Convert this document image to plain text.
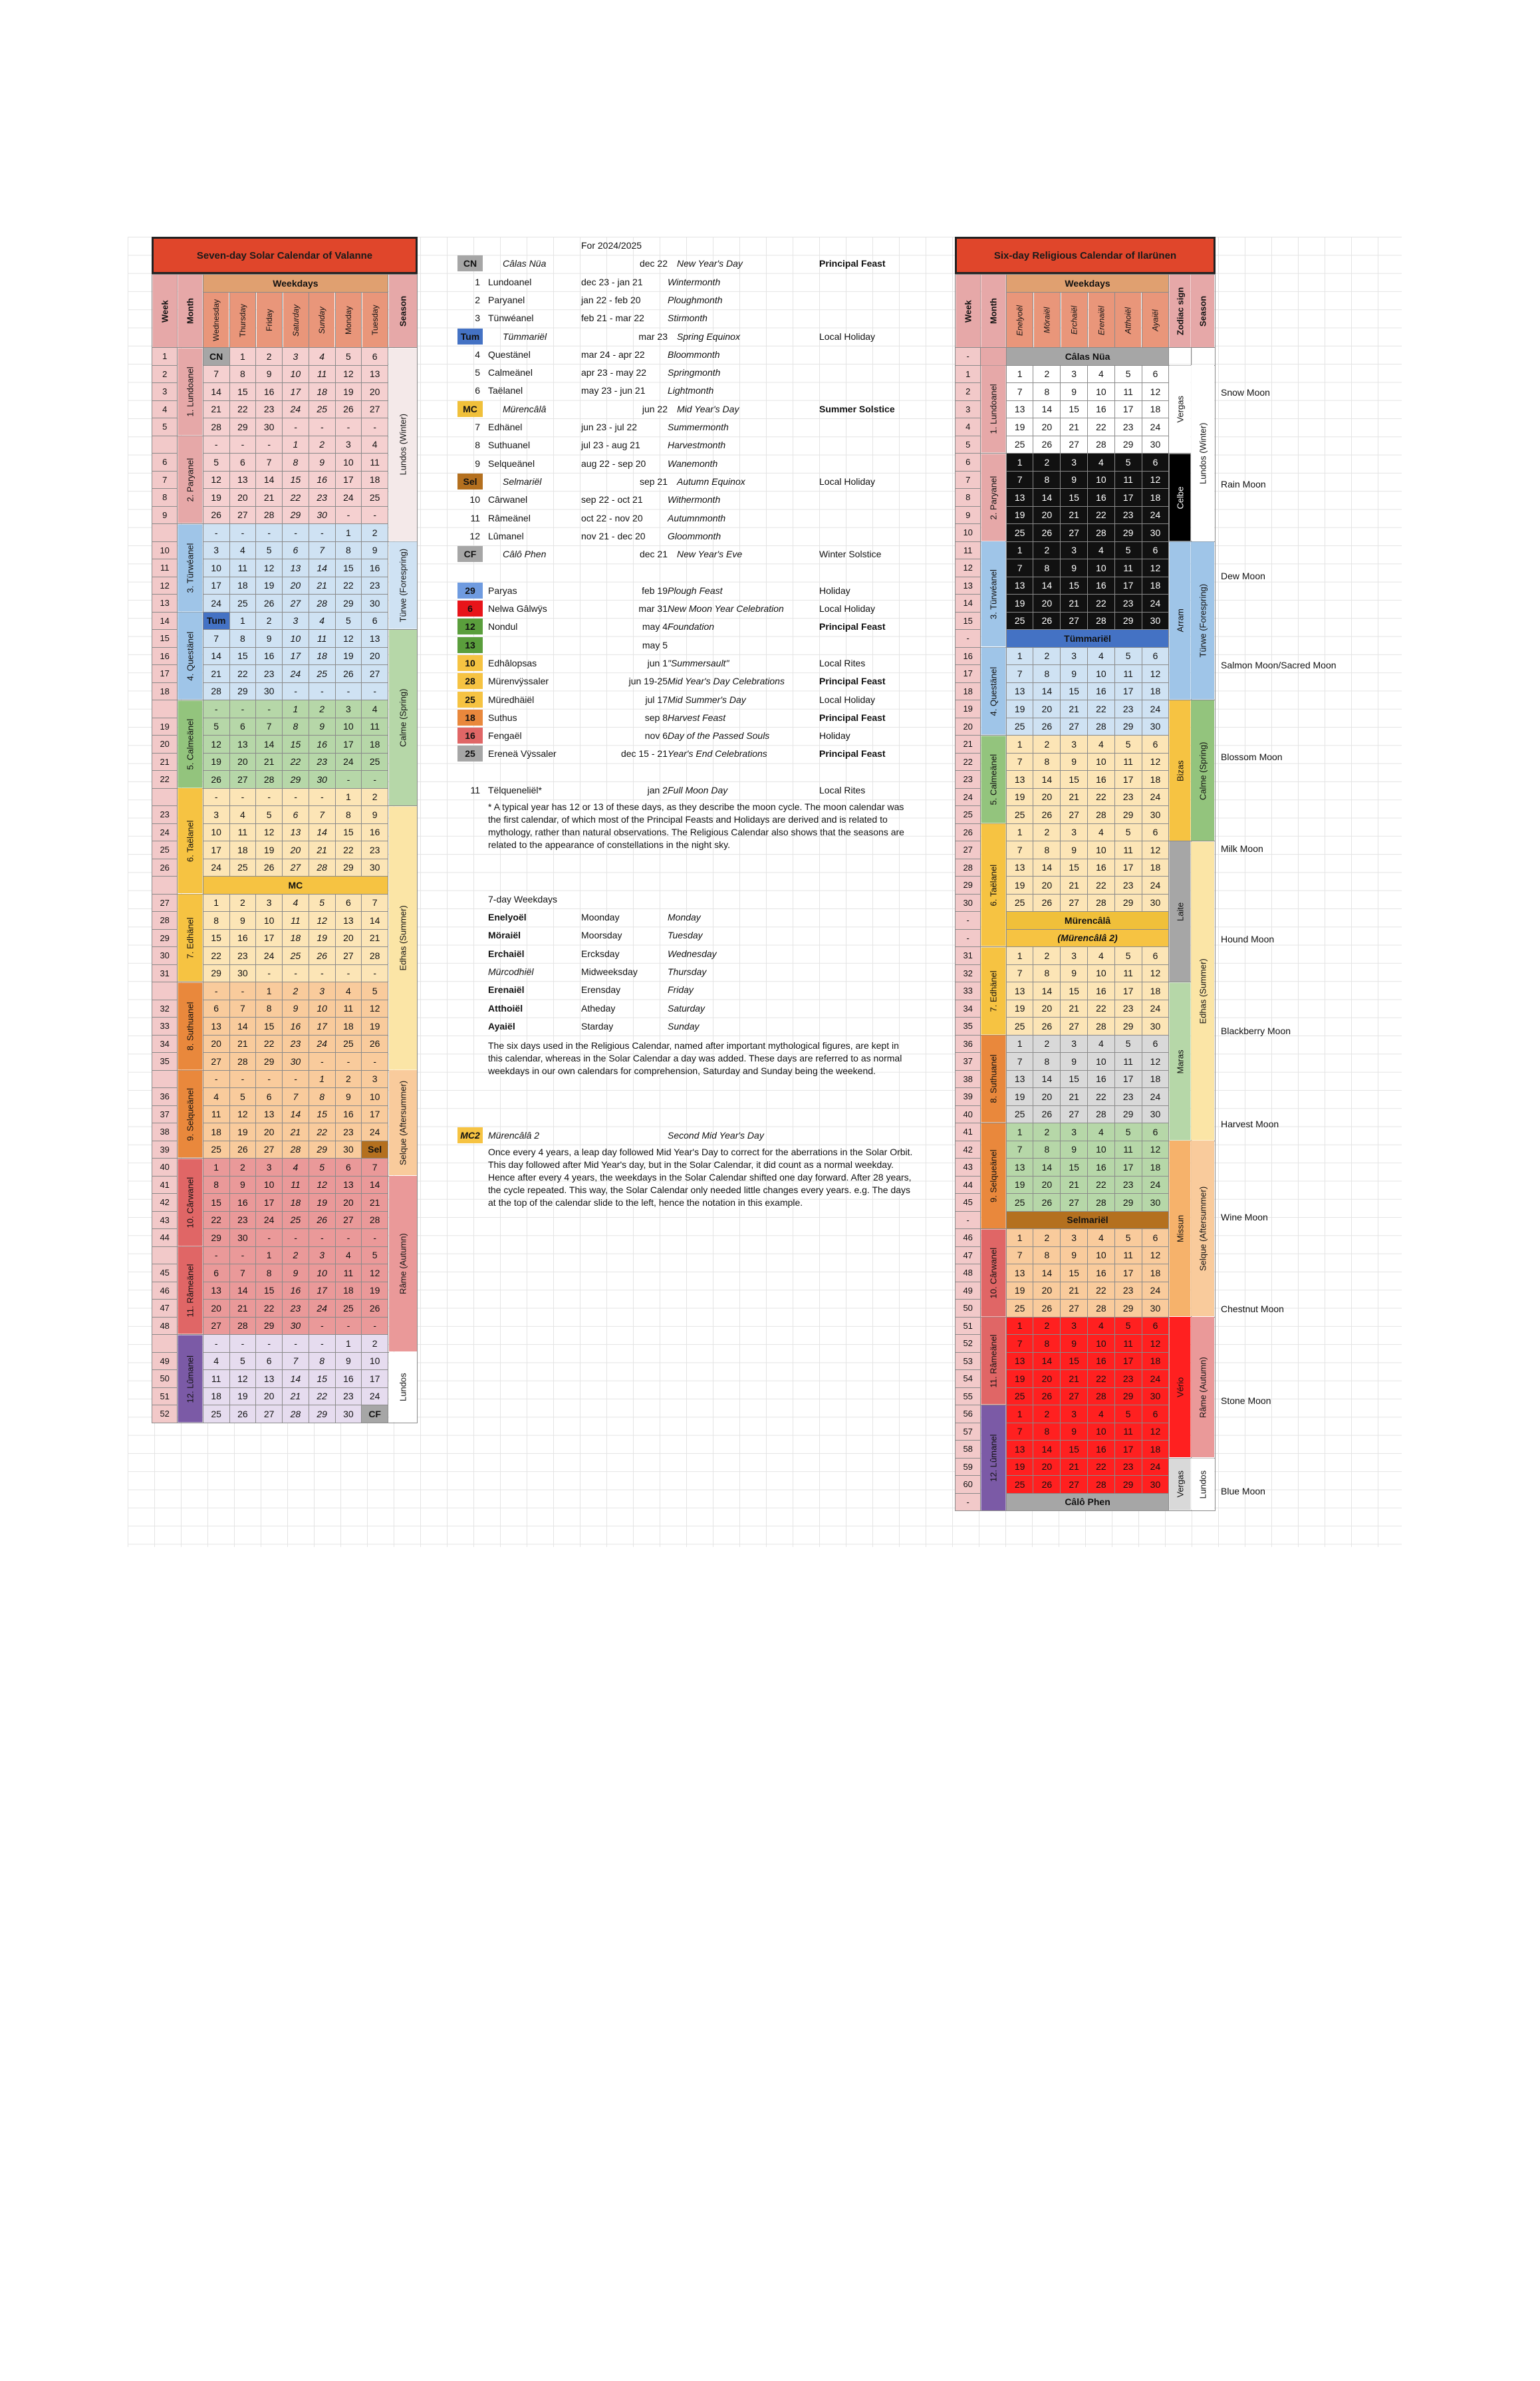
Seven-day Solar Calendar of Valanne
Week	Month	Weekdays							Season
		Wednesday	Thursday	Friday	Saturday	Sunday	Monday	Tuesday	
1	1. Lundoanel	CN	1	2	3	4	5	6	Lundos (Winter)
2		7	8	9	10	11	12	13	
3		14	15	16	17	18	19	20	
4		21	22	23	24	25	26	27	
5		28	29	30	-	-	-	-	
	2. Paryanel	-	-	-	1	2	3	4	
6		5	6	7	8	9	10	11	
7		12	13	14	15	16	17	18	
8		19	20	21	22	23	24	25	
9		26	27	28	29	30	-	-	
	3. Türwéanel	-	-	-	-	-	1	2	
10		3	4	5	6	7	8	9	Türwe (Forespring)
11		10	11	12	13	14	15	16	
12		17	18	19	20	21	22	23	
13		24	25	26	27	28	29	30	
14	4. Questänel	Tum	1	2	3	4	5	6	
15		7	8	9	10	11	12	13	Calme (Spring)
16		14	15	16	17	18	19	20	
17		21	22	23	24	25	26	27	
18		28	29	30	-	-	-	-	
	5. Calmeänel	-	-	-	1	2	3	4	
19		5	6	7	8	9	10	11	
20		12	13	14	15	16	17	18	
21		19	20	21	22	23	24	25	
22		26	27	28	29	30	-	-	
	6. Taëlanel	-	-	-	-	-	1	2	
23		3	4	5	6	7	8	9	Edhas (Summer)
24		10	11	12	13	14	15	16	
25		17	18	19	20	21	22	23	
26		24	25	26	27	28	29	30	
		MC							
27	7. Edhänel	1	2	3	4	5	6	7	
28		8	9	10	11	12	13	14	
29		15	16	17	18	19	20	21	
30		22	23	24	25	26	27	28	
31		29	30	-	-	-	-	-	
	8. Suthuanel	-	-	1	2	3	4	5	
32		6	7	8	9	10	11	12	
33		13	14	15	16	17	18	19	
34		20	21	22	23	24	25	26	
35		27	28	29	30	-	-	-	
	9. Selqueänel	-	-	-	-	1	2	3	Selque (Aftersummer)
36		4	5	6	7	8	9	10	
37		11	12	13	14	15	16	17	
38		18	19	20	21	22	23	24	
39		25	26	27	28	29	30	Sel	
40	10. Cârwanel	1	2	3	4	5	6	7	
41		8	9	10	11	12	13	14	Râme (Autumn)
42		15	16	17	18	19	20	21	
43		22	23	24	25	26	27	28	
44		29	30	-	-	-	-	-	
	11. Râmeänel	-	-	1	2	3	4	5	
45		6	7	8	9	10	11	12	
46		13	14	15	16	17	18	19	
47		20	21	22	23	24	25	26	
48		27	28	29	30	-	-	-	
	12. Lûmanel	-	-	-	-	-	1	2	
49		4	5	6	7	8	9	10	Lundos
50		11	12	13	14	15	16	17	
51		18	19	20	21	22	23	24	
52		25	26	27	28	29	30	CF	
For 2024/2025
CN	Câlas Nüa	dec 22 New Year's Day	Principal Feast
1 Lundoanel	dec 23 - jan 21	Wintermonth
2 Paryanel	jan 22 - feb 20	Ploughmonth
3 Tünwéanel	feb 21 - mar 22	Stirmonth
Tum	Tümmariël	mar 23 Spring Equinox	Local Holiday
4 Questänel	mar 24 - apr 22 Bloommonth
5 Calmeänel	apr 23 - may 22 Springmonth
6 Taëlanel	may 23 - jun 21 Lightmonth
MC	Mürencâlâ	jun 22 Mid Year's Day	Summer Solstice
7 Edhänel	jun 23 - jul 22	Summermonth
8 Suthuanel	jul 23 - aug 21	Harvestmonth
9 Selqueänel	aug 22 - sep 20 Wanemonth
Sel	Selmariël	sep 21 Autumn Equinox	Local Holiday
10 Cârwanel	sep 22 - oct 21	Withermonth
11 Râmeänel	oct 22 - nov 20	Autumnmonth
12 Lûmanel	nov 21 - dec 20 Gloommonth
CF	Câlô Phen	dec 21 New Year's Eve	Winter Solstice
29	Paryas	feb 19 Plough Feast	Holiday
6	Nelwa Gâlwÿs	mar 31 New Moon Year Celebration	Local Holiday
12	Nondul	may 4 Foundation	Principal Feast
13	may 5
10	Edhâlopsas	jun 1 "Summersault"	Local Rites
28	Mürenvÿssaler	jun 19-25 Mid Year's Day Celebrations	Principal Feast
25	Müredhäiël	jul 17 Mid Summer's Day	Local Holiday
18	Suthus	sep 8 Harvest Feast	Principal Feast
16	Fengaël	nov 6 Day of the Passed Souls	Holiday
25	Ereneä Vÿssaler	dec 15 - 21 Year's End Celebrations	Principal Feast
11 Tëlqueneliël*	jan 2 Full Moon Day	Local Rites
* A typical year has 12 or 13 of these days, as they describe the moon cycle. The moon calendar was the first calendar, of which most of the Principal Feasts and Holidays are derived and is related to mythology, rather than natural observations. The Religious Calendar also shows that the seasons are related to the appearance of constellations in the night sky.
7-day Weekdays
Enelyoël	Moonday	Monday
Möraiël	Moorsday	Tuesday
Erchaiël	Ercksday	Wednesday
Mürcodhiël	Midweeksday	Thursday
Erenaiël	Erensday	Friday
Atthoiël	Atheday	Saturday
Ayaiël	Starday	Sunday
The six days used in the Religious Calendar, named after important mythological figures, are kept in this calendar, whereas in the Solar Calendar a day was added. These days are referred to as normal weekdays in our own calendars for comprehension, Saturday and Sunday being the weekend.
MC2 Mürencâlâ 2	Second Mid Year's Day
Once every 4 years, a leap day followed Mid Year's Day to correct for the aberrations in the Solar Orbit. This day followed after Mid Year's day, but in the Solar Calendar, it did count as a normal weekday. Hence after every 4 years, the weekdays in the Solar Calendar shifted one day forward. After 28 years, the cycle repeated. This way, the Solar Calendar only needed little changes every years. e.g. The days at the top of the calendar slide to the left, hence the notation in this example.
Six-day Religious Calendar of Ilarünen
Week	Month	Weekdays						Zodiac sign	Season
		Enelyoël	Möraiël	Erchaiël	Erenaiël	Atthoiël	Ayaiël		
-		Câlas Nüa							
1	1. Lundoanel	1	2	3	4	5	6	Vergas	Lundos (Winter)
2		7	8	9	10	11	12		
3		13	14	15	16	17	18		
4		19	20	21	22	23	24		
5		25	26	27	28	29	30		
6	2. Paryanel	1	2	3	4	5	6	Celbe	
7		7	8	9	10	11	12		
8		13	14	15	16	17	18		
9		19	20	21	22	23	24		
10		25	26	27	28	29	30		
11	3. Türwéanel	1	2	3	4	5	6	Arram	Türwe (Forespring)
12		7	8	9	10	11	12		
13		13	14	15	16	17	18		
14		19	20	21	22	23	24		
15		25	26	27	28	29	30		
-		Tümmariël							
16	4. Questänel	1	2	3	4	5	6		
17		7	8	9	10	11	12		
18		13	14	15	16	17	18		
19		19	20	21	22	23	24	Bizas	Calme (Spring)
20		25	26	27	28	29	30		
21	5. Calmeänel	1	2	3	4	5	6		
22		7	8	9	10	11	12		
23		13	14	15	16	17	18		
24		19	20	21	22	23	24		
25		25	26	27	28	29	30		
26	6. Taëlanel	1	2	3	4	5	6		
27		7	8	9	10	11	12	Laite	Edhas (Summer)
28		13	14	15	16	17	18		
29		19	20	21	22	23	24		
30		25	26	27	28	29	30		
-		Mürencâlâ							
-		(Mürencâlâ 2)							
31	7. Edhänel	1	2	3	4	5	6		
32		7	8	9	10	11	12		
33		13	14	15	16	17	18	Maras	
34		19	20	21	22	23	24		
35		25	26	27	28	29	30		
36	8. Suthuanel	1	2	3	4	5	6		
37		7	8	9	10	11	12		
38		13	14	15	16	17	18		
39		19	20	21	22	23	24		
40		25	26	27	28	29	30		
41	9. Selqueänel	1	2	3	4	5	6		
42		7	8	9	10	11	12	Missun	Selque (Aftersummer)
43		13	14	15	16	17	18		
44		19	20	21	22	23	24		
45		25	26	27	28	29	30		
-		Selmariël							
46	10. Cârwanel	1	2	3	4	5	6		
47		7	8	9	10	11	12		
48		13	14	15	16	17	18		
49		19	20	21	22	23	24		
50		25	26	27	28	29	30		
51	11. Râmeänel	1	2	3	4	5	6	Vério	Râme (Autumn)
52		7	8	9	10	11	12		
53		13	14	15	16	17	18		
54		19	20	21	22	23	24		
55		25	26	27	28	29	30		
56	12. Lûmanel	1	2	3	4	5	6		
57		7	8	9	10	11	12		
58		13	14	15	16	17	18		
59		19	20	21	22	23	24	Vergas	Lundos
60		25	26	27	28	29	30		
-		Câlô Phen							
Snow Moon
Rain Moon
Dew Moon
Salmon Moon/Sacred Moon
Blossom Moon
Milk Moon
Hound Moon
Blackberry Moon
Harvest Moon
Wine Moon
Chestnut Moon
Stone Moon
Blue Moon
